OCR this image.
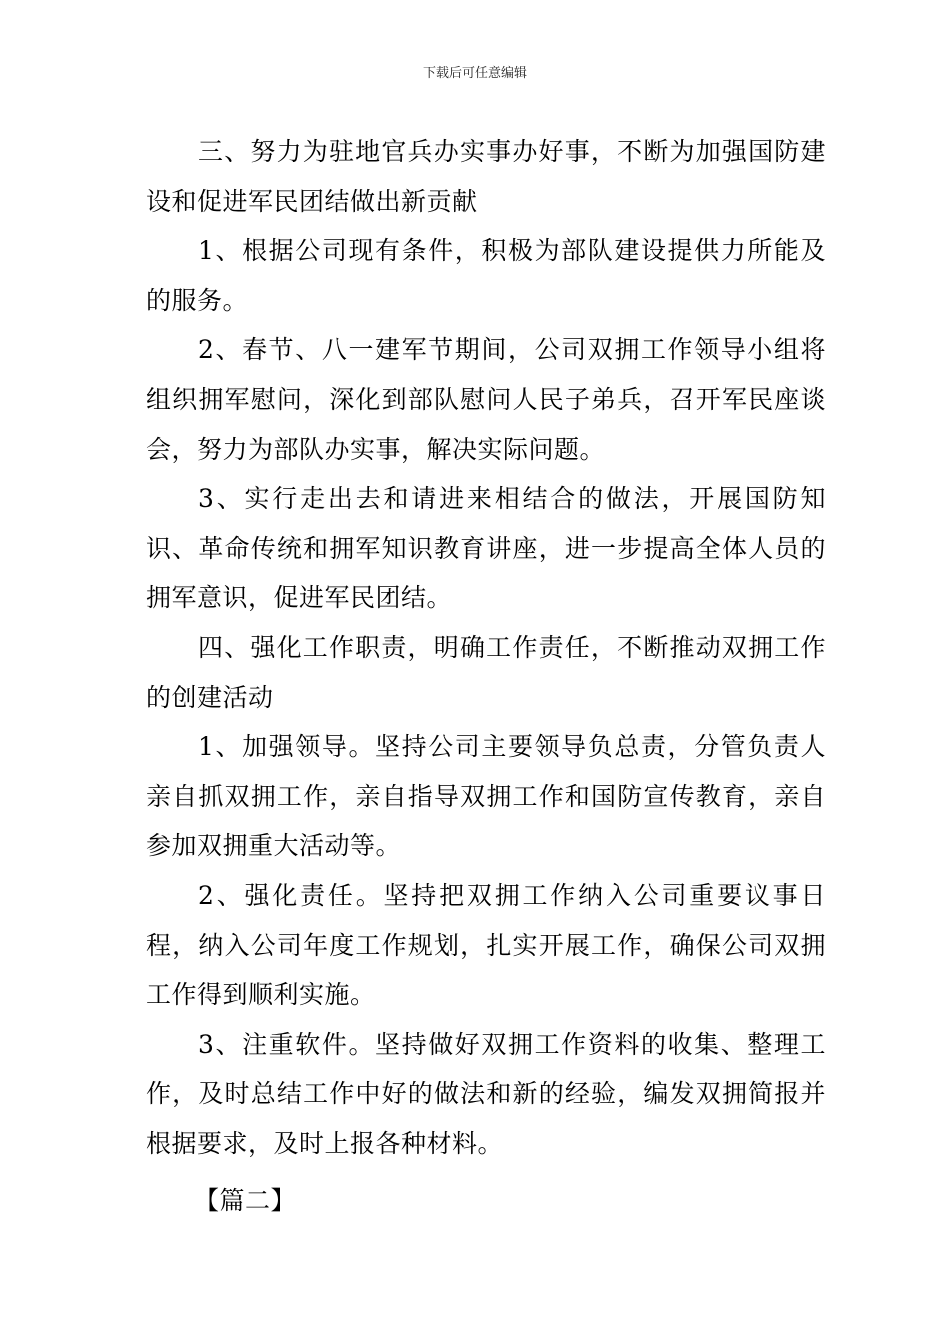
下载后可任意编辑

三、努力为驻地官兵办实事办好事，不断为加强国防建设和促进军民团结做出新贡献

1、根据公司现有条件，积极为部队建设提供力所能及的服务。

2、春节、八一建军节期间，公司双拥工作领导小组将组织拥军慰问，深化到部队慰问人民子弟兵，召开军民座谈会，努力为部队办实事，解决实际问题。

3、实行走出去和请进来相结合的做法，开展国防知识、革命传统和拥军知识教育讲座，进一步提高全体人员的拥军意识，促进军民团结。

四、强化工作职责，明确工作责任，不断推动双拥工作的创建活动

1、加强领导。坚持公司主要领导负总责，分管负责人亲自抓双拥工作，亲自指导双拥工作和国防宣传教育，亲自参加双拥重大活动等。

2、强化责任。坚持把双拥工作纳入公司重要议事日程，纳入公司年度工作规划，扎实开展工作，确保公司双拥工作得到顺利实施。

3、注重软件。坚持做好双拥工作资料的收集、整理工作，及时总结工作中好的做法和新的经验，编发双拥简报并根据要求，及时上报各种材料。

【篇二】
